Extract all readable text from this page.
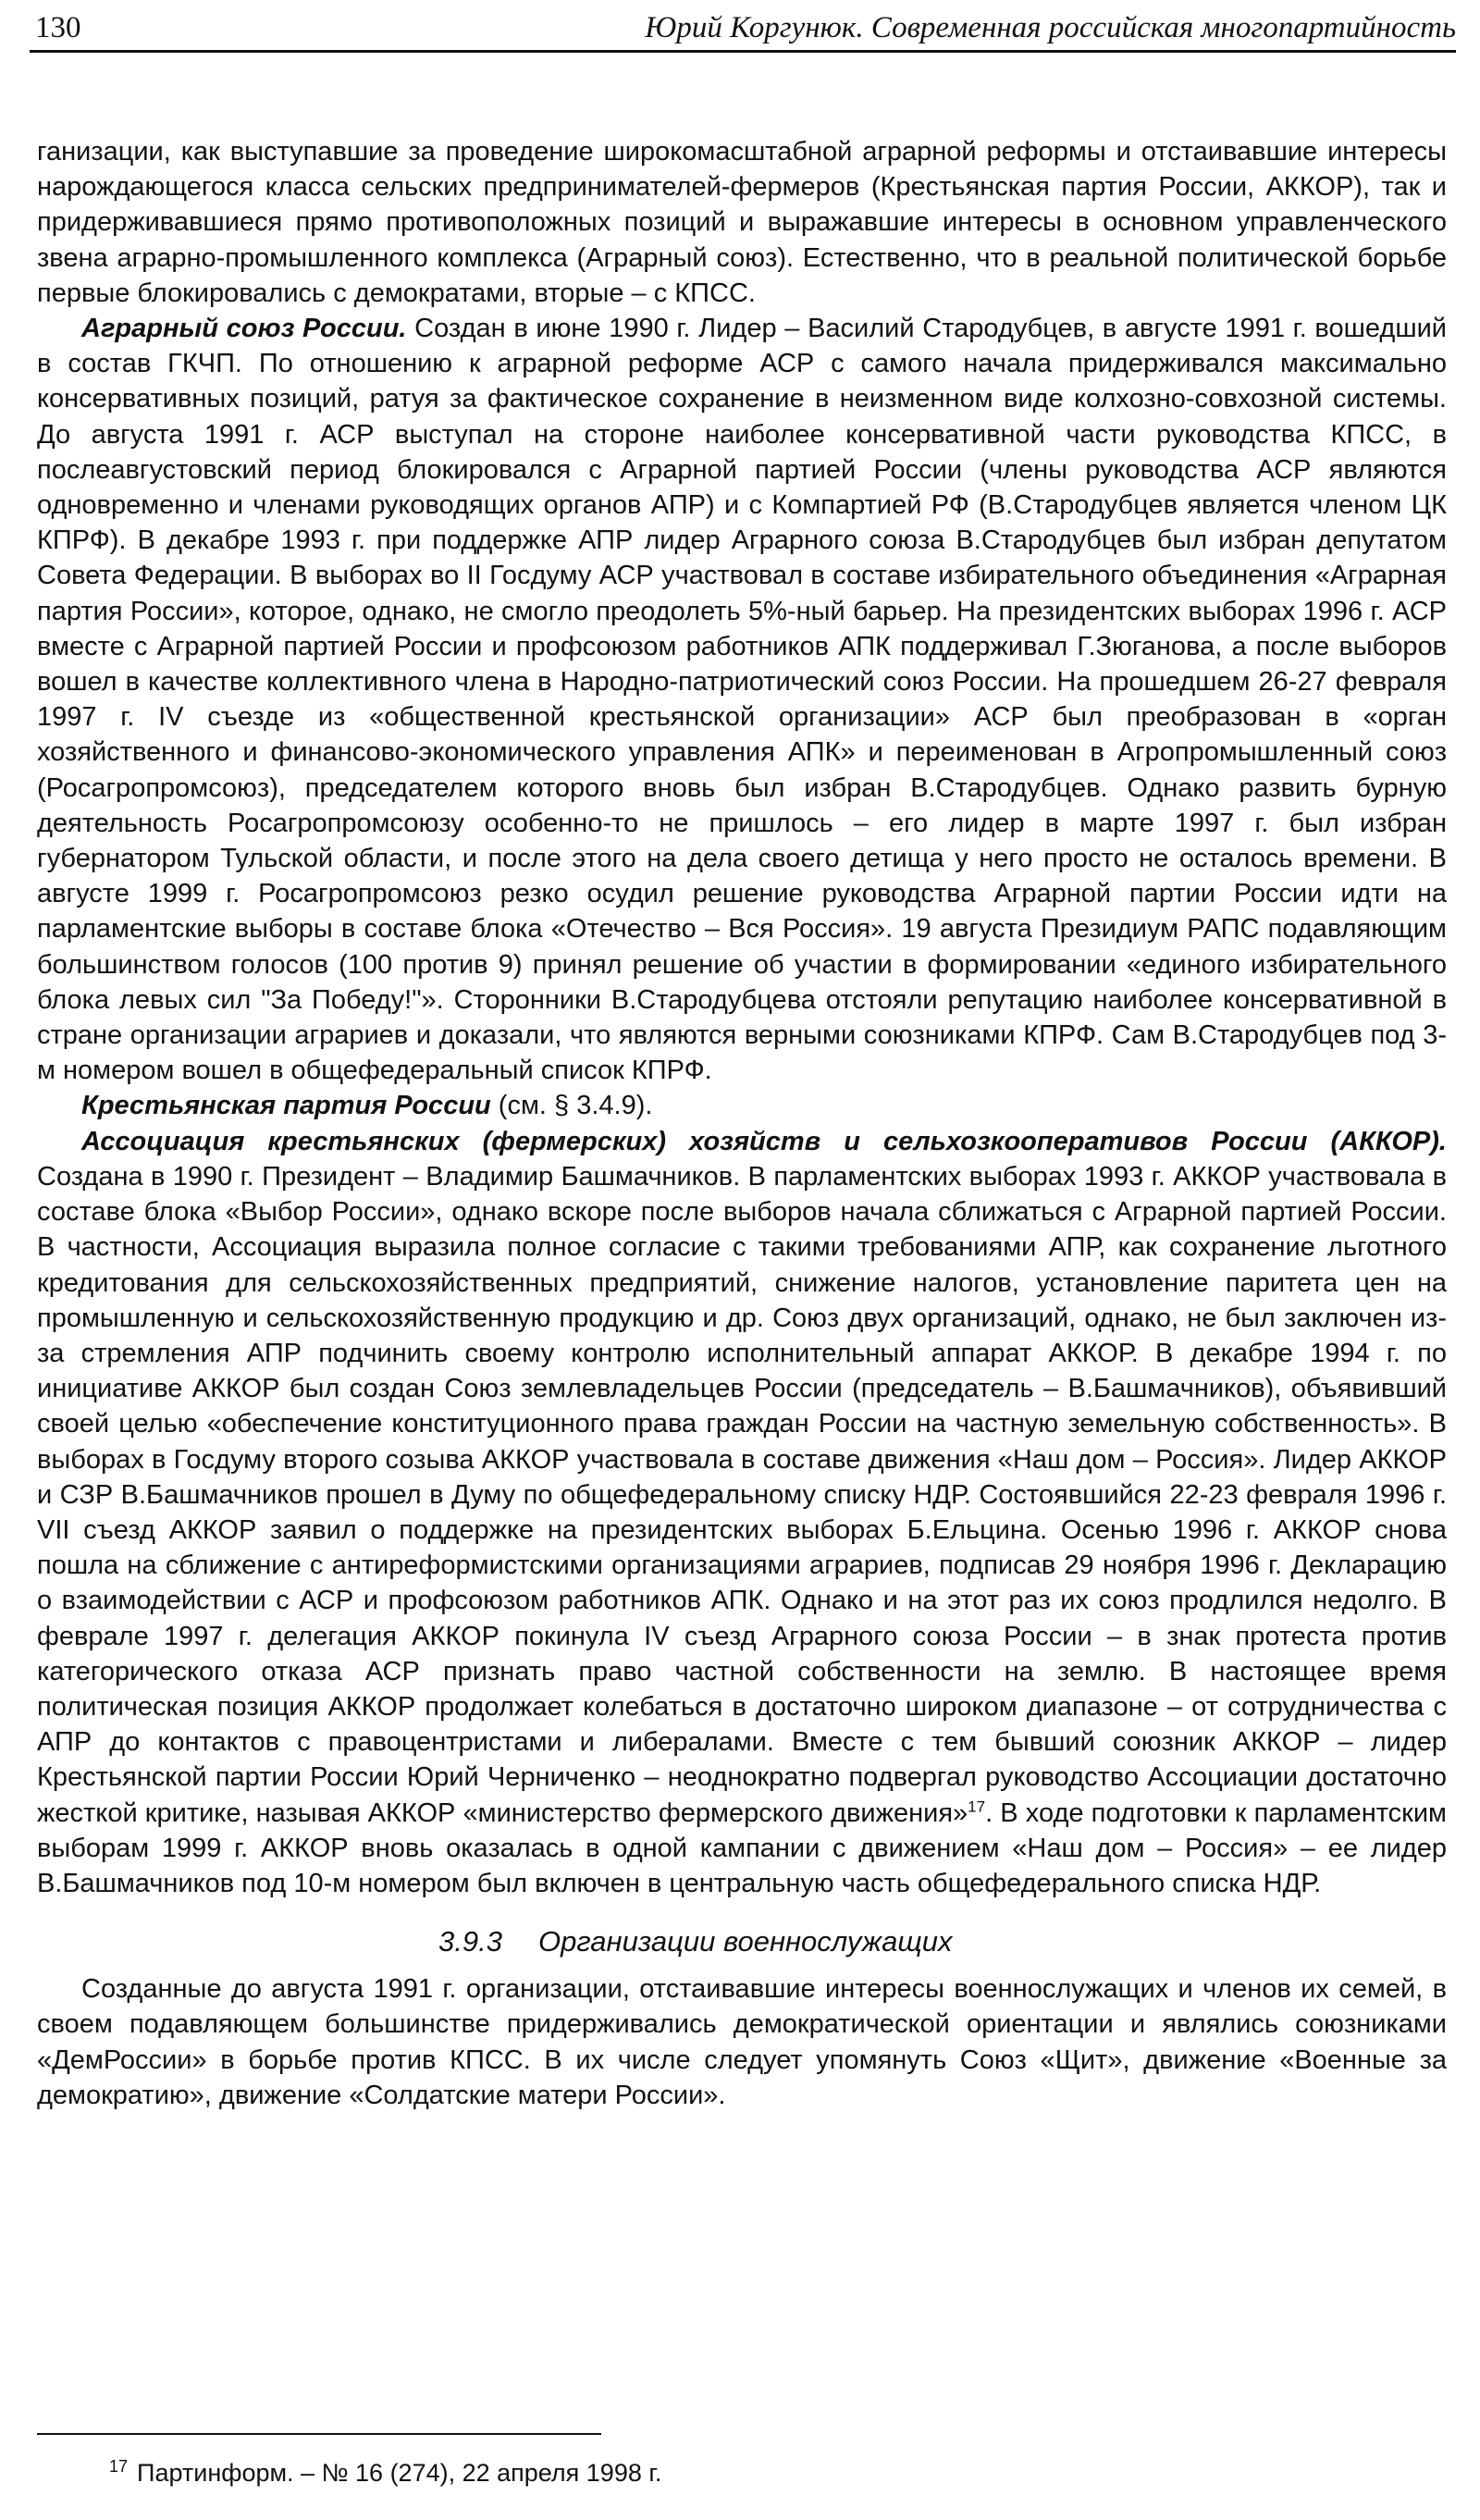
130	Юрий Коргунюк. Современная российская многопартийность

ганизации, как выступавшие за проведение широкомасштабной аграрной реформы и отстаивавшие интересы нарождающегося класса сельских предпринимателей-фермеров (Крестьянская партия России, АККОР), так и придерживавшиеся прямо противоположных позиций и выражавшие интересы в основном управленческого звена аграрно-промышленного комплекса (Аграрный союз). Естественно, что в реальной политической борьбе первые блокировались с демократами, вторые – с КПСС.

Аграрный союз России. Создан в июне 1990 г. Лидер – Василий Стародубцев, в августе 1991 г. вошедший в состав ГКЧП. По отношению к аграрной реформе АСР с самого начала придерживался максимально консервативных позиций, ратуя за фактическое сохранение в неизменном виде колхозно-совхозной системы. До августа 1991 г. АСР выступал на стороне наиболее консервативной части руководства КПСС, в послеавгустовский период блокировался с Аграрной партией России (члены руководства АСР являются одновременно и членами руководящих органов АПР) и с Компартией РФ (В.Стародубцев является членом ЦК КПРФ). В декабре 1993 г. при поддержке АПР лидер Аграрного союза В.Стародубцев был избран депутатом Совета Федерации. В выборах во II Госдуму АСР участвовал в составе избирательного объединения «Аграрная партия России», которое, однако, не смогло преодолеть 5%-ный барьер. На президентских выборах 1996 г. АСР вместе с Аграрной партией России и профсоюзом работников АПК поддерживал Г.Зюганова, а после выборов вошел в качестве коллективного члена в Народно-патриотический союз России. На прошедшем 26-27 февраля 1997 г. IV съезде из «общественной крестьянской организации» АСР был преобразован в «орган хозяйственного и финансово-экономического управления АПК» и переименован в Агропромышленный союз (Росагропромсоюз), председателем которого вновь был избран В.Стародубцев. Однако развить бурную деятельность Росагропромсоюзу особенно-то не пришлось – его лидер в марте 1997 г. был избран губернатором Тульской области, и после этого на дела своего детища у него просто не осталось времени. В августе 1999 г. Росагропромсоюз резко осудил решение руководства Аграрной партии России идти на парламентские выборы в составе блока «Отечество – Вся Россия». 19 августа Президиум РАПС подавляющим большинством голосов (100 против 9) принял решение об участии в формировании «единого избирательного блока левых сил "За Победу!"». Сторонники В.Стародубцева отстояли репутацию наиболее консервативной в стране организации аграриев и доказали, что являются верными союзниками КПРФ. Сам В.Стародубцев под 3-м номером вошел в общефедеральный список КПРФ.

Крестьянская партия России (см. § 3.4.9).

Ассоциация крестьянских (фермерских) хозяйств и сельхозкооперативов России (АККОР). Создана в 1990 г. Президент – Владимир Башмачников. В парламентских выборах 1993 г. АККОР участвовала в составе блока «Выбор России», однако вскоре после выборов начала сближаться с Аграрной партией России. В частности, Ассоциация выразила полное согласие с такими требованиями АПР, как сохранение льготного кредитования для сельскохозяйственных предприятий, снижение налогов, установление паритета цен на промышленную и сельскохозяйственную продукцию и др. Союз двух организаций, однако, не был заключен из-за стремления АПР подчинить своему контролю исполнительный аппарат АККОР. В декабре 1994 г. по инициативе АККОР был создан Союз землевладельцев России (председатель – В.Башмачников), объявивший своей целью «обеспечение конституционного права граждан России на частную земельную собственность». В выборах в Госдуму второго созыва АККОР участвовала в составе движения «Наш дом – Россия». Лидер АККОР и СЗР В.Башмачников прошел в Думу по общефедеральному списку НДР. Состоявшийся 22-23 февраля 1996 г. VII съезд АККОР заявил о поддержке на президентских выборах Б.Ельцина. Осенью 1996 г. АККОР снова пошла на сближение с антиреформистскими организациями аграриев, подписав 29 ноября 1996 г. Декларацию о взаимодействии с АСР и профсоюзом работников АПК. Однако и на этот раз их союз продлился недолго. В феврале 1997 г. делегация АККОР покинула IV съезд Аграрного союза России – в знак протеста против категорического отказа АСР признать право частной собственности на землю. В настоящее время политическая позиция АККОР продолжает колебаться в достаточно широком диапазоне – от сотрудничества с АПР до контактов с правоцентристами и либералами. Вместе с тем бывший союзник АККОР – лидер Крестьянской партии России Юрий Черниченко – неоднократно подвергал руководство Ассоциации достаточно жесткой критике, называя АККОР «министерство фермерского движения»$^{17}$. В ходе подготовки к парламентским выборам 1999 г. АККОР вновь оказалась в одной кампании с движением «Наш дом – Россия» – ее лидер В.Башмачников под 10-м номером был включен в центральную часть общефедерального списка НДР.

3.9.3 Организации военнослужащих

Созданные до августа 1991 г. организации, отстаивавшие интересы военнослужащих и членов их семей, в своем подавляющем большинстве придерживались демократической ориентации и являлись союзниками «ДемРоссии» в борьбе против КПСС. В их числе следует упомянуть Союз «Щит», движение «Военные за демократию», движение «Солдатские матери России».

$^{17}$ Партинформ. – № 16 (274), 22 апреля 1998 г.
